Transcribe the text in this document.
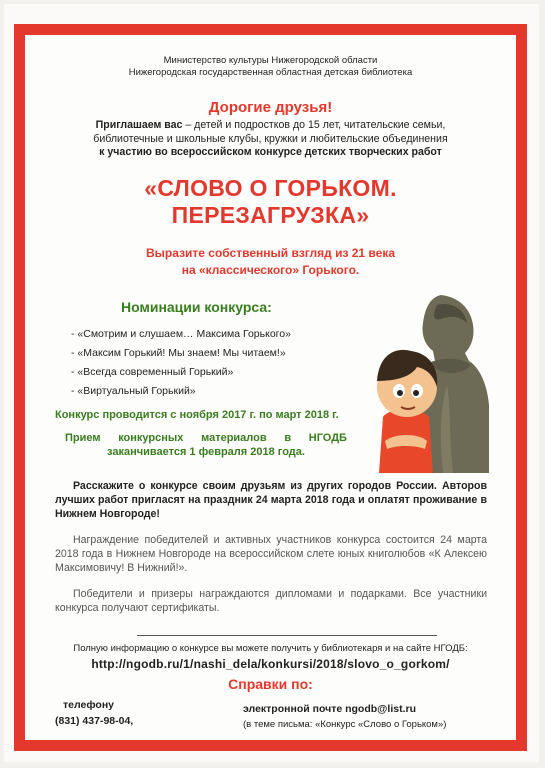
Министерство культуры Нижегородской области
Нижегородская государственная областная детская библиотека
Дорогие друзья!
Приглашаем вас – детей и подростков до 15 лет, читательские семьи,
библиотечные и школьные клубы, кружки и любительские объединения
к участию во всероссийском конкурсе детских творческих работ
«СЛОВО О ГОРЬКОМ.
ПЕРЕЗАГРУЗКА»
Выразите собственный взгляд из 21 века
на «классического» Горького.
Номинации конкурса:
- «Смотрим и слушаем… Максима Горького»
- «Максим Горький! Мы знаем! Мы читаем!»
- «Всегда современный Горький»
- «Виртуальный Горький»
Конкурс проводится с ноября 2017 г. по март 2018 г.
Прием конкурсных материалов в НГОДБ
заканчивается 1 февраля 2018 года.
Расскажите о конкурсе своим друзьям из других городов России. Авторов лучших работ пригласят на праздник 24 марта 2018 года и оплатят проживание в Нижнем Новгороде!
Награждение победителей и активных участников конкурса состоится 24 марта 2018 года в Нижнем Новгороде на всероссийском слете юных книголюбов «К Алексею Максимовичу! В Нижний!».
Победители и призеры награждаются дипломами и подарками. Все участники конкурса получают сертификаты.
Полную информацию о конкурсе вы можете получить у библиотекаря и на сайте НГОДБ:
http://ngodb.ru/1/nashi_dela/konkursi/2018/slovo_o_gorkom/
Справки по:
телефону
(831) 437-98-04,
электронной почте ngodb@list.ru
(в теме письма: «Конкурс «Слово о Горьком»)
